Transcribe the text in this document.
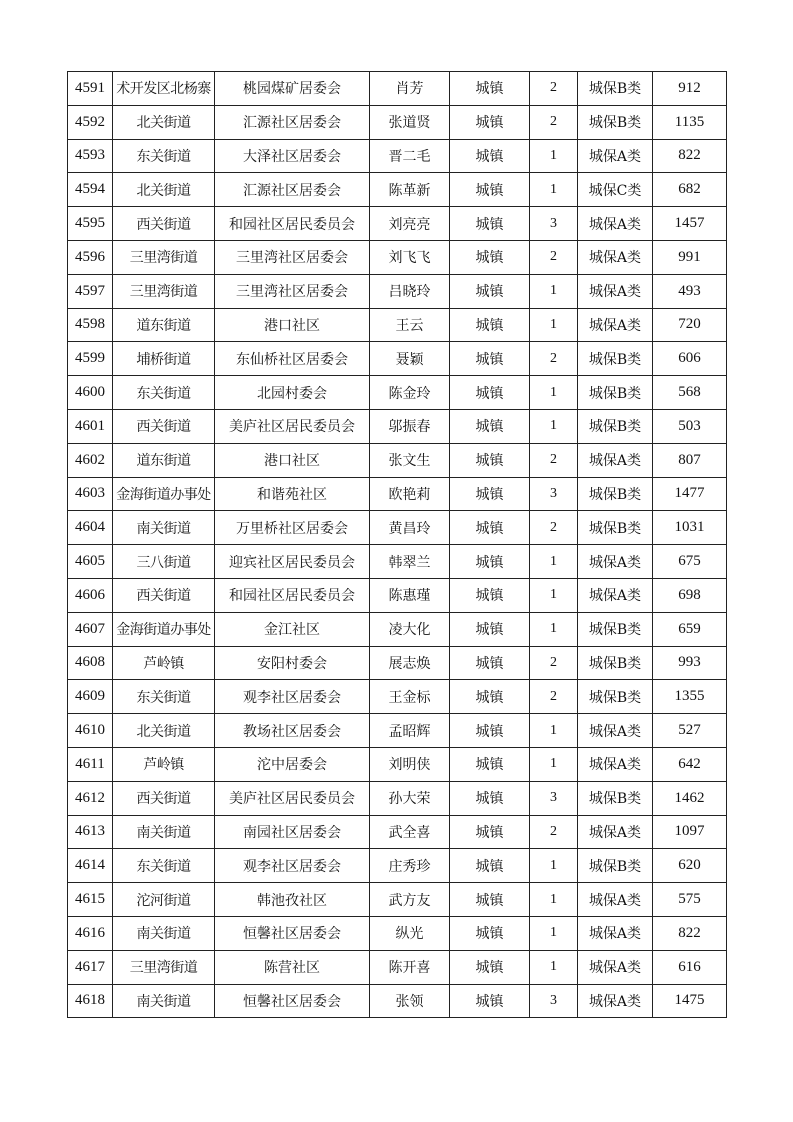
4591	术开发区北杨寨	桃园煤矿居委会	肖芳	城镇	2	城保B类	912
4592	北关街道	汇源社区居委会	张道贤	城镇	2	城保B类	1135
4593	东关街道	大泽社区居委会	晋二毛	城镇	1	城保A类	822
4594	北关街道	汇源社区居委会	陈革新	城镇	1	城保C类	682
4595	西关街道	和园社区居民委员会	刘亮亮	城镇	3	城保A类	1457
4596	三里湾街道	三里湾社区居委会	刘飞飞	城镇	2	城保A类	991
4597	三里湾街道	三里湾社区居委会	吕晓玲	城镇	1	城保A类	493
4598	道东街道	港口社区	王云	城镇	1	城保A类	720
4599	埔桥街道	东仙桥社区居委会	聂颖	城镇	2	城保B类	606
4600	东关街道	北园村委会	陈金玲	城镇	1	城保B类	568
4601	西关街道	美庐社区居民委员会	邬振春	城镇	1	城保B类	503
4602	道东街道	港口社区	张文生	城镇	2	城保A类	807
4603	金海街道办事处	和谐苑社区	欧艳莉	城镇	3	城保B类	1477
4604	南关街道	万里桥社区居委会	黄昌玲	城镇	2	城保B类	1031
4605	三八街道	迎宾社区居民委员会	韩翠兰	城镇	1	城保A类	675
4606	西关街道	和园社区居民委员会	陈惠瑾	城镇	1	城保A类	698
4607	金海街道办事处	金江社区	凌大化	城镇	1	城保B类	659
4608	芦岭镇	安阳村委会	展志焕	城镇	2	城保B类	993
4609	东关街道	观李社区居委会	王金标	城镇	2	城保B类	1355
4610	北关街道	教场社区居委会	孟昭辉	城镇	1	城保A类	527
4611	芦岭镇	沱中居委会	刘明侠	城镇	1	城保A类	642
4612	西关街道	美庐社区居民委员会	孙大荣	城镇	3	城保B类	1462
4613	南关街道	南园社区居委会	武全喜	城镇	2	城保A类	1097
4614	东关街道	观李社区居委会	庄秀珍	城镇	1	城保B类	620
4615	沱河街道	韩池孜社区	武方友	城镇	1	城保A类	575
4616	南关街道	恒馨社区居委会	纵光	城镇	1	城保A类	822
4617	三里湾街道	陈营社区	陈开喜	城镇	1	城保A类	616
4618	南关街道	恒馨社区居委会	张领	城镇	3	城保A类	1475
